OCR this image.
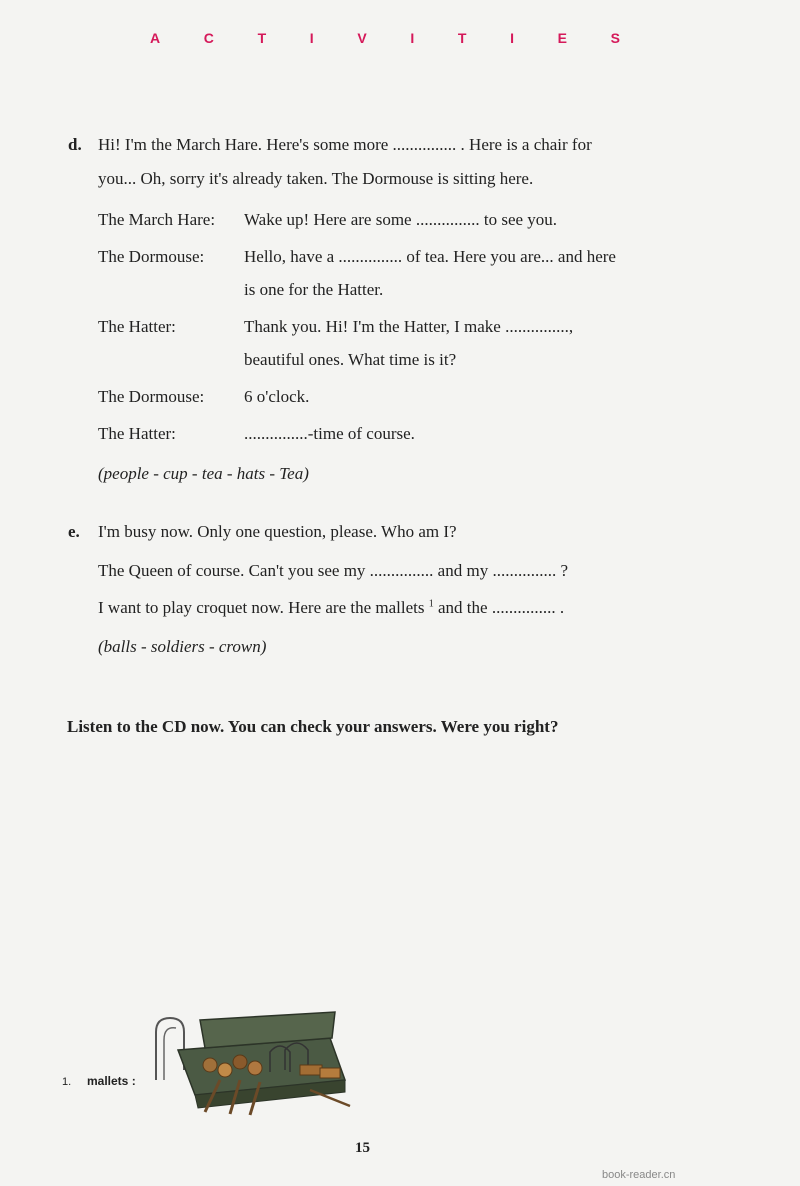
A	C	T	I	V	I	T	I	E	S
d. Hi! I'm the March Hare. Here's some more ............... . Here is a chair for
you... Oh, sorry it's already taken. The Dormouse is sitting here.
The March Hare: Wake up! Here are some ............... to see you.
The Dormouse: Hello, have a ............... of tea. Here you are... and here
is one for the Hatter.
The Hatter:	Thank you. Hi! I'm the Hatter, I make ...............,
beautiful ones. What time is it?
The Dormouse: 6 o'clock.
The Hatter:	...............-time of course.
(people - cup - tea - hats - Tea)
e. I'm busy now. Only one question, please. Who am I?
The Queen of course. Can't you see my ............... and my ............... ?
I want to play croquet now. Here are the mallets $^1$ and the ............... .
(balls - soldiers - crown)
Listen to the CD now. You can check your answers. Were you right?
1. mallets :
15
book-reader.cn
